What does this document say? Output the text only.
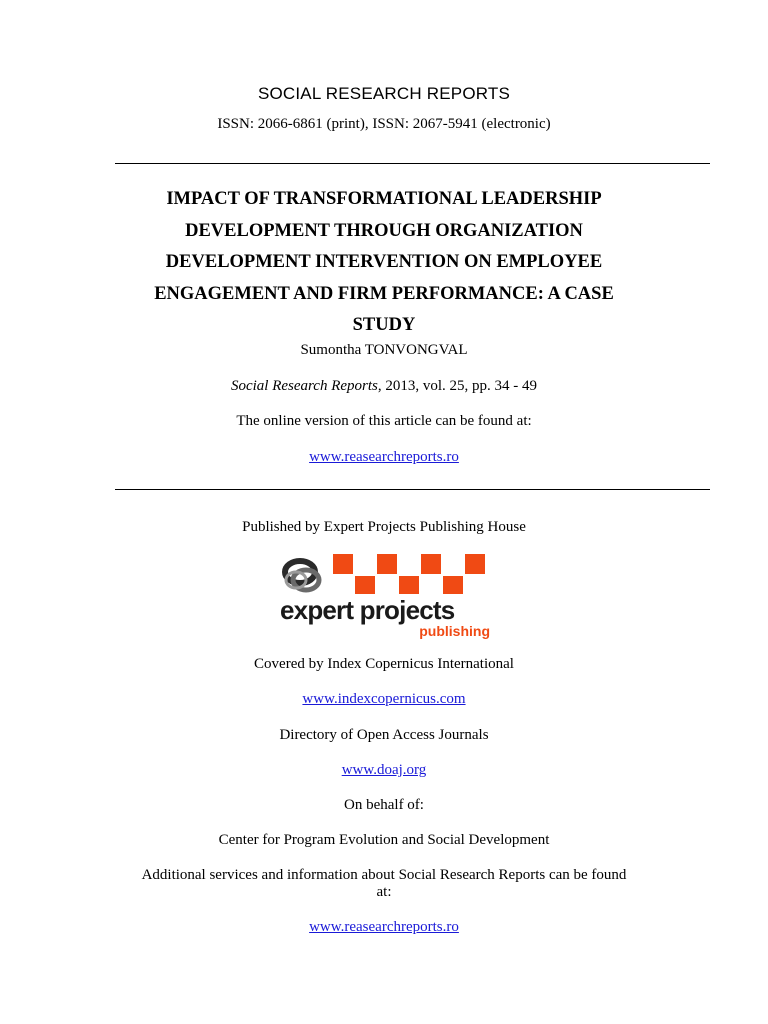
SOCIAL RESEARCH REPORTS
ISSN: 2066-6861 (print), ISSN: 2067-5941 (electronic)
IMPACT OF TRANSFORMATIONAL LEADERSHIP
DEVELOPMENT THROUGH ORGANIZATION
DEVELOPMENT INTERVENTION ON EMPLOYEE
ENGAGEMENT AND FIRM PERFORMANCE: A CASE
STUDY
Sumontha TONVONGVAL
Social Research Reports, 2013, vol. 25, pp. 34 - 49
The online version of this article can be found at:
www.reasearchreports.ro
Published by Expert Projects Publishing House
expert projects
publishing
Covered by Index Copernicus International
www.indexcopernicus.com
Directory of Open Access Journals
www.doaj.org
On behalf of:
Center for Program Evolution and Social Development
Additional services and information about Social Research Reports can be found
at:
www.reasearchreports.ro
